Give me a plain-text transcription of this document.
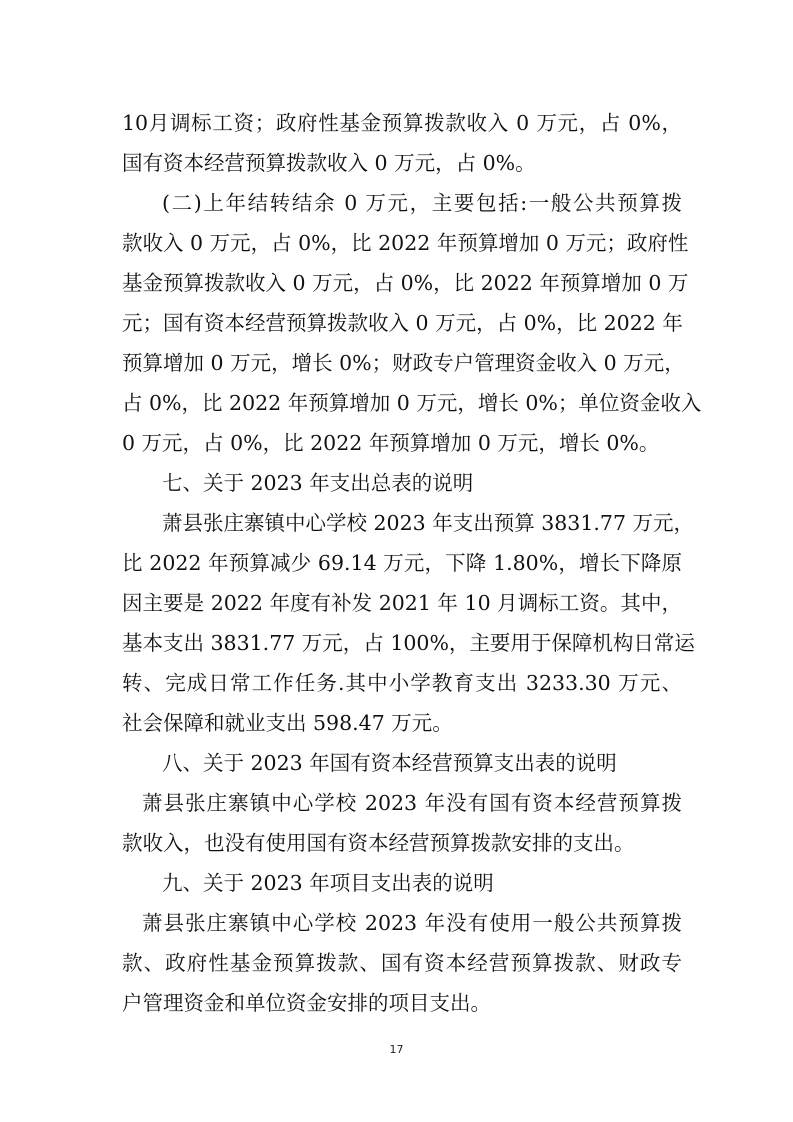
10月调标工资；政府性基金预算拨款收入 0 万元，占 0%，
国有资本经营预算拨款收入 0 万元，占 0%。
(二)上年结转结余 0 万元，主要包括:一般公共预算拨
款收入 0 万元，占 0%，比 2022 年预算增加 0 万元；政府性
基金预算拨款收入 0 万元，占 0%，比 2022 年预算增加 0 万
元；国有资本经营预算拨款收入 0 万元，占 0%，比 2022 年
预算增加 0 万元，增长 0%；财政专户管理资金收入 0 万元，
占 0%，比 2022 年预算增加 0 万元，增长 0%；单位资金收入
0 万元，占 0%，比 2022 年预算增加 0 万元，增长 0%。
七、关于 2023 年支出总表的说明
萧县张庄寨镇中心学校 2023 年支出预算 3831.77 万元，
比 2022 年预算减少 69.14 万元，下降 1.80%，增长下降原
因主要是 2022 年度有补发 2021 年 10 月调标工资。其中，
基本支出 3831.77 万元，占 100%，主要用于保障机构日常运
转、完成日常工作任务.其中小学教育支出 3233.30 万元、
社会保障和就业支出 598.47 万元。
八、关于 2023 年国有资本经营预算支出表的说明
萧县张庄寨镇中心学校 2023 年没有国有资本经营预算拨
款收入，也没有使用国有资本经营预算拨款安排的支出。
九、关于 2023 年项目支出表的说明
萧县张庄寨镇中心学校 2023 年没有使用一般公共预算拨
款、政府性基金预算拨款、国有资本经营预算拨款、财政专
户管理资金和单位资金安排的项目支出。
17
